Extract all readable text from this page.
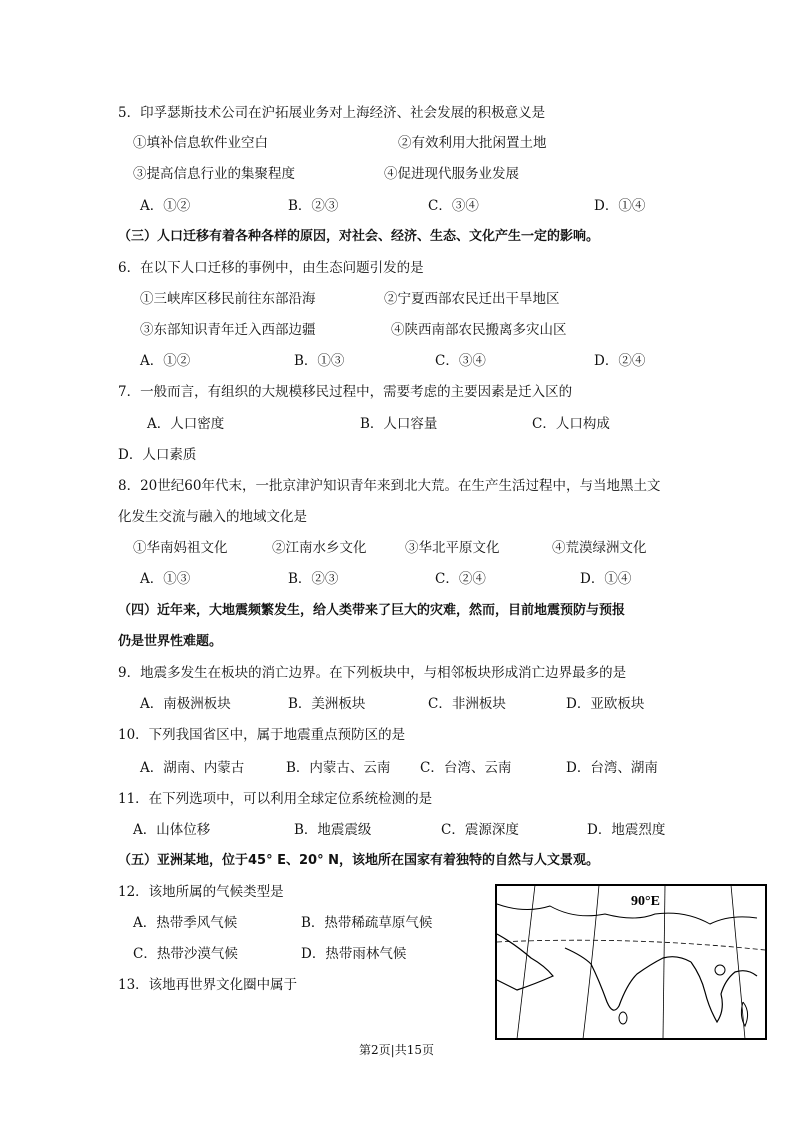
5．印孚瑟斯技术公司在沪拓展业务对上海经济、社会发展的积极意义是
①填补信息软件业空白	②有效利用大批闲置土地
③提高信息行业的集聚程度	④促进现代服务业发展
A．①②	B．②③	C．③④	D．①④
（三）人口迁移有着各种各样的原因，对社会、经济、生态、文化产生一定的影响。
6．在以下人口迁移的事例中，由生态问题引发的是
①三峡库区移民前往东部沿海	②宁夏西部农民迁出干旱地区
③东部知识青年迁入西部边疆	④陕西南部农民搬离多灾山区
A．①②	B．①③	C．③④	D．②④
7．一般而言，有组织的大规模移民过程中，需要考虑的主要因素是迁入区的
A．人口密度	B．人口容量	C．人口构成
D．人口素质
8．20世纪60年代末，一批京津沪知识青年来到北大荒。在生产生活过程中，与当地黑土文
化发生交流与融入的地域文化是
①华南妈祖文化	②江南水乡文化	③华北平原文化	④荒漠绿洲文化
A．①③	B．②③	C．②④	D．①④
（四）近年来，大地震频繁发生，给人类带来了巨大的灾难，然而，目前地震预防与预报
仍是世界性难题。
9．地震多发生在板块的消亡边界。在下列板块中，与相邻板块形成消亡边界最多的是
A．南极洲板块	B．美洲板块	C．非洲板块	D．亚欧板块
10．下列我国省区中，属于地震重点预防区的是
A．湖南、内蒙古	B．内蒙古、云南 C．台湾、云南	D．台湾、湖南
11．在下列选项中，可以利用全球定位系统检测的是
A．山体位移	B．地震震级	C．震源深度	D．地震烈度
（五）亚洲某地，位于45° E、20° N，该地所在国家有着独特的自然与人文景观。
12．该地所属的气候类型是
A．热带季风气候	B．热带稀疏草原气候
C．热带沙漠气候	D．热带雨林气候
13．该地再世界文化圈中属于
90°E
第2页|共15页
